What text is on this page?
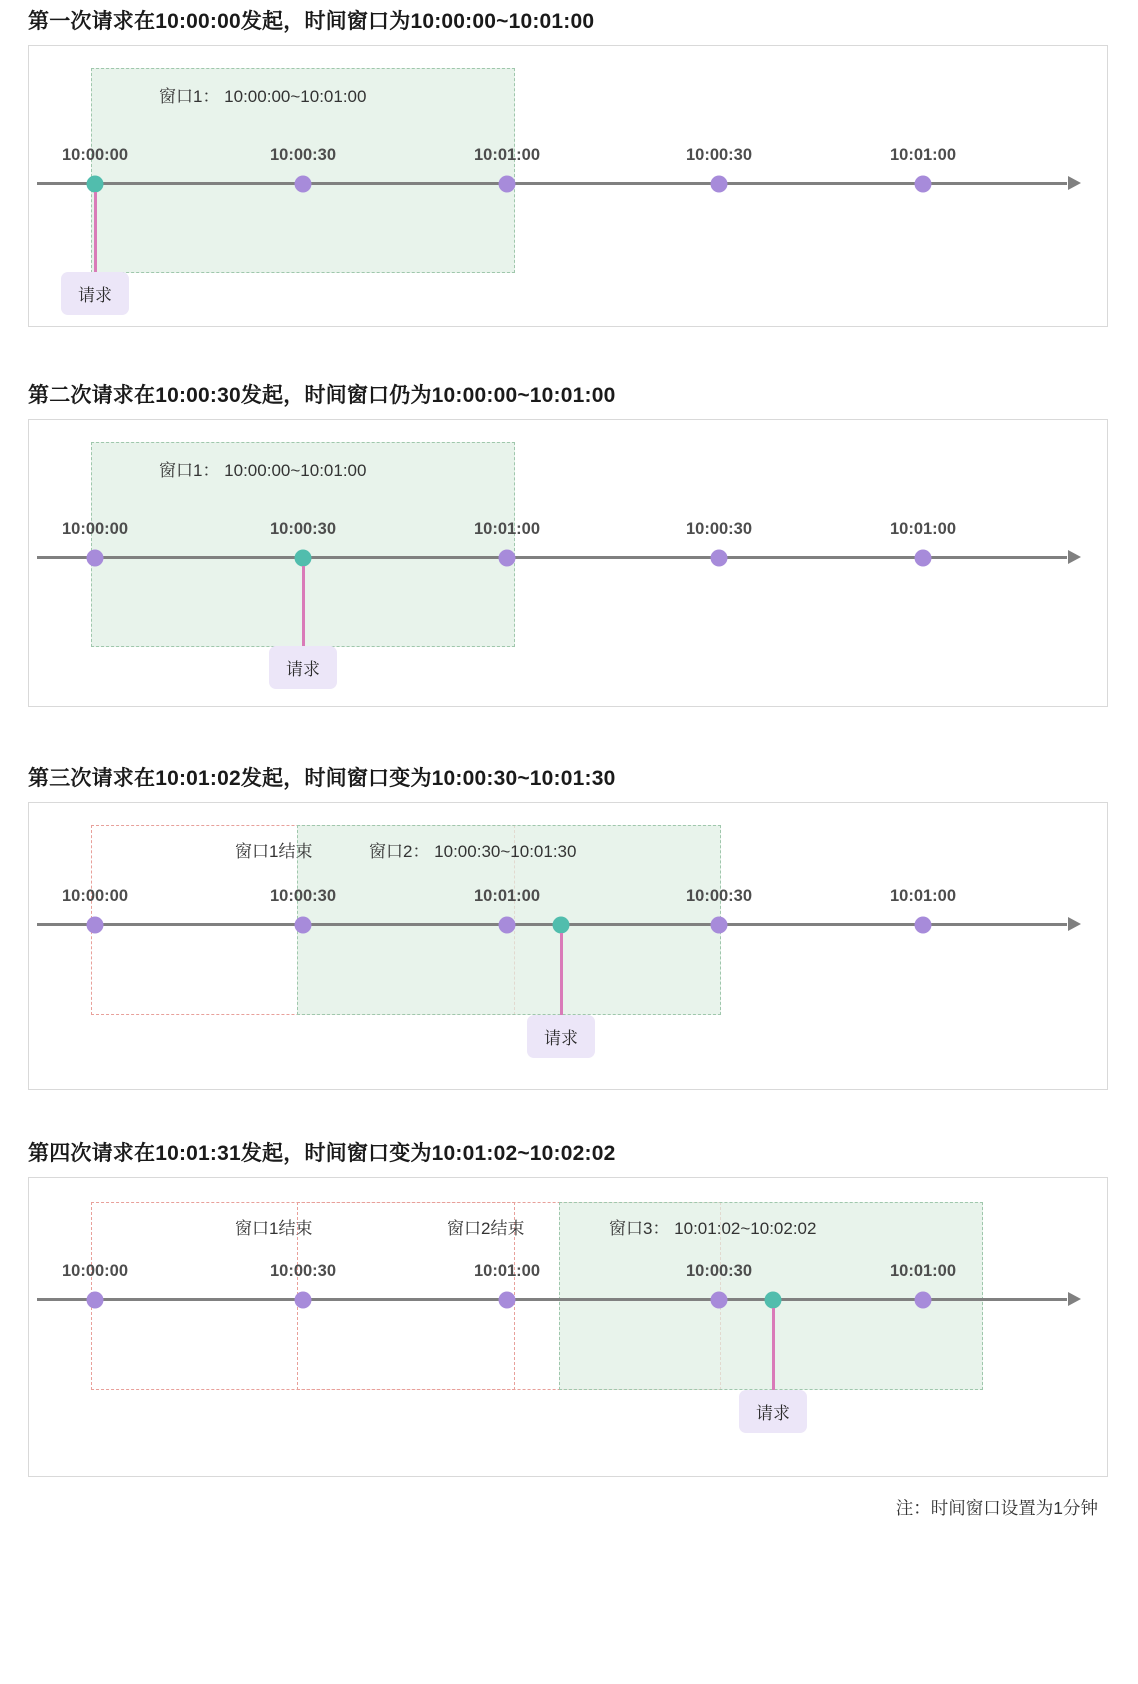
第一次请求在10:00:00发起，时间窗口为10:00:00~10:01:00
窗口1： 10:00:00~10:01:00
10:00:00	10:00:30	10:01:00	10:00:30	10:01:00
请求
第二次请求在10:00:30发起，时间窗口仍为10:00:00~10:01:00
窗口1： 10:00:00~10:01:00
10:00:00	10:00:30	10:01:00	10:00:30	10:01:00
请求
第三次请求在10:01:02发起，时间窗口变为10:00:30~10:01:30
窗口1结束	窗口2： 10:00:30~10:01:30
10:00:00	10:00:30	10:01:00	10:00:30	10:01:00
请求
第四次请求在10:01:31发起，时间窗口变为10:01:02~10:02:02
窗口1结束	窗口2结束	窗口3： 10:01:02~10:02:02
10:00:00	10:00:30	10:01:00	10:00:30	10:01:00
请求
注：时间窗口设置为1分钟
